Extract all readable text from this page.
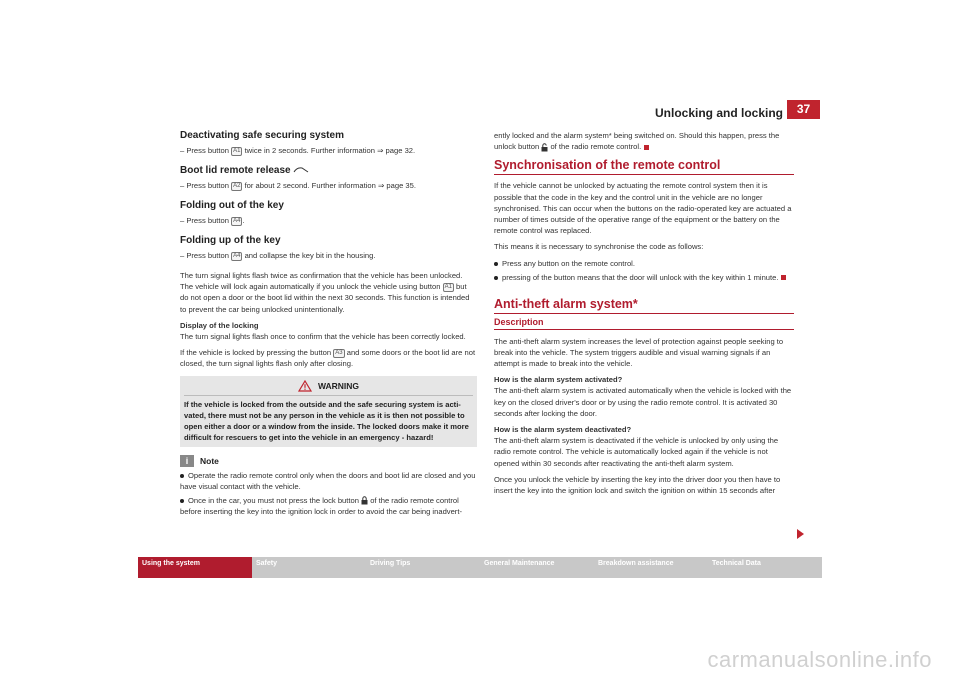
Unlocking and locking	37
Deactivating safe securing system
– Press button A1 twice in 2 seconds. Further information ⇒ page 32.
Boot lid remote release
– Press button A2 for about 2 second. Further information ⇒ page 35.
Folding out of the key
– Press button A4 .
Folding up of the key
– Press button A4 and collapse the key bit in the housing.

The turn signal lights flash twice as confirmation that the vehicle has been unlocked. The vehicle will lock again automatically if you unlock the vehicle using button A1 but do not open a door or the boot lid within the next 30 seconds. This function is intended to prevent the car being unlocked unintentionally.

Display of the locking
The turn signal lights flash once to confirm that the vehicle has been correctly locked.

If the vehicle is locked by pressing the button A3 and some doors or the boot lid are not closed, the turn signal lights flash only after closing.

WARNING
If the vehicle is locked from the outside and the safe securing system is acti-vated, there must not be any person in the vehicle as it is then not possible to open either a door or a window from the inside. The locked doors make it more difficult for rescuers to get into the vehicle in an emergency - hazard!
i	Note
Operate the radio remote control only when the doors and boot lid are closed and you have visual contact with the vehicle.
Once in the car, you must not press the lock button of the radio remote control before inserting the key into the ignition lock in order to avoid the car being inadvert-

ently locked and the alarm system* being switched on. Should this happen, press the unlock button of the radio remote control.

Synchronisation of the remote control

If the vehicle cannot be unlocked by actuating the remote control system then it is possible that the code in the key and the control unit in the vehicle are no longer synchronised. This can occur when the buttons on the radio-operated key are actuated a number of times outside of the operative range of the equipment or the battery on the remote control was replaced.

This means it is necessary to synchronise the code as follows:

Press any button on the remote control.
pressing of the button means that the door will unlock with the key within 1 minute.
Anti-theft alarm system*
Description

The anti-theft alarm system increases the level of protection against people seeking to break into the vehicle. The system triggers audible and visual warning signals if an attempt is made to break into the vehicle.

How is the alarm system activated?
The anti-theft alarm system is activated automatically when the vehicle is locked with the key on the closed driver's door or by using the radio remote control. It is activated 30 seconds after locking the door.

How is the alarm system deactivated?
The anti-theft alarm system is deactivated if the vehicle is unlocked by only using the radio remote control. The vehicle is automatically locked again if the vehicle is not opened within 30 seconds after reactivating the anti-theft alarm system.

Once you unlock the vehicle by inserting the key into the driver door you then have to insert the key into the ignition lock and switch the ignition on within 15 seconds after

Using the system	Safety	Driving Tips	General Maintenance	Breakdown assistance	Technical Data
carmanualsonline.info
